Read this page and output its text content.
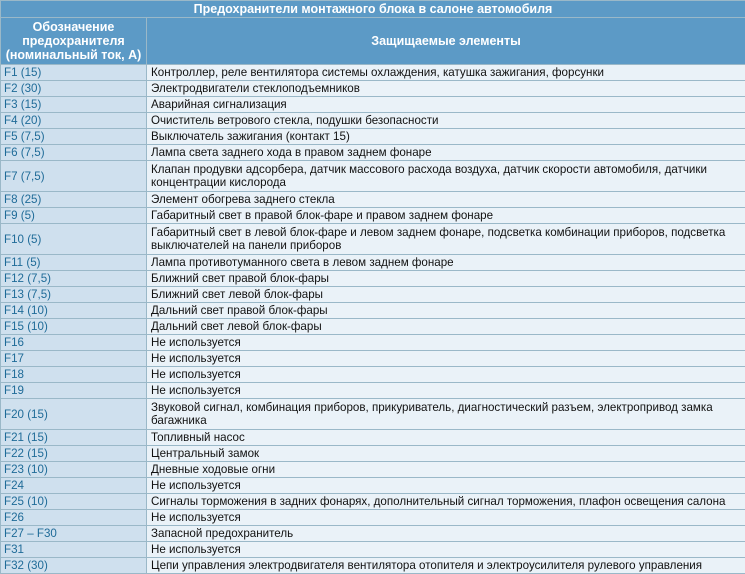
Предохранители монтажного блока в салоне автомобиля	
Обозначение предохранителя (номинальный ток, А)	Защищаемые элементы
F1 (15)	Контроллер, реле вентилятора системы охлаждения, катушка зажигания, форсунки
F2 (30)	Электродвигатели стеклоподъемников
F3 (15)	Аварийная сигнализация
F4 (20)	Очиститель ветрового стекла, подушки безопасности
F5 (7,5)	Выключатель зажигания (контакт 15)
F6 (7,5)	Лампа света заднего хода в правом заднем фонаре
F7 (7,5)	Клапан продувки адсорбера, датчик массового расхода воздуха, датчик скорости автомобиля, датчики концентрации кислорода
F8 (25)	Элемент обогрева заднего стекла
F9 (5)	Габаритный свет в правой блок-фаре и правом заднем фонаре
F10 (5)	Габаритный свет в левой блок-фаре и левом заднем фонаре, подсветка комбинации приборов, подсветка выключателей на панели приборов
F11 (5)	Лампа противотуманного света в левом заднем фонаре
F12 (7,5)	Ближний свет правой блок-фары
F13 (7,5)	Ближний свет левой блок-фары
F14 (10)	Дальний свет правой блок-фары
F15 (10)	Дальний свет левой блок-фары
F16	Не используется
F17	Не используется
F18	Не используется
F19	Не используется
F20 (15)	Звуковой сигнал, комбинация приборов, прикуриватель, диагностический разъем, электропривод замка багажника
F21 (15)	Топливный насос
F22 (15)	Центральный замок
F23 (10)	Дневные ходовые огни
F24	Не используется
F25 (10)	Сигналы торможения в задних фонарях, дополнительный сигнал торможения, плафон освещения салона
F26	Не используется
F27 – F30	Запасной предохранитель
F31	Не используется
F32 (30)	Цепи управления электродвигателя вентилятора отопителя и электроусилителя рулевого управления
